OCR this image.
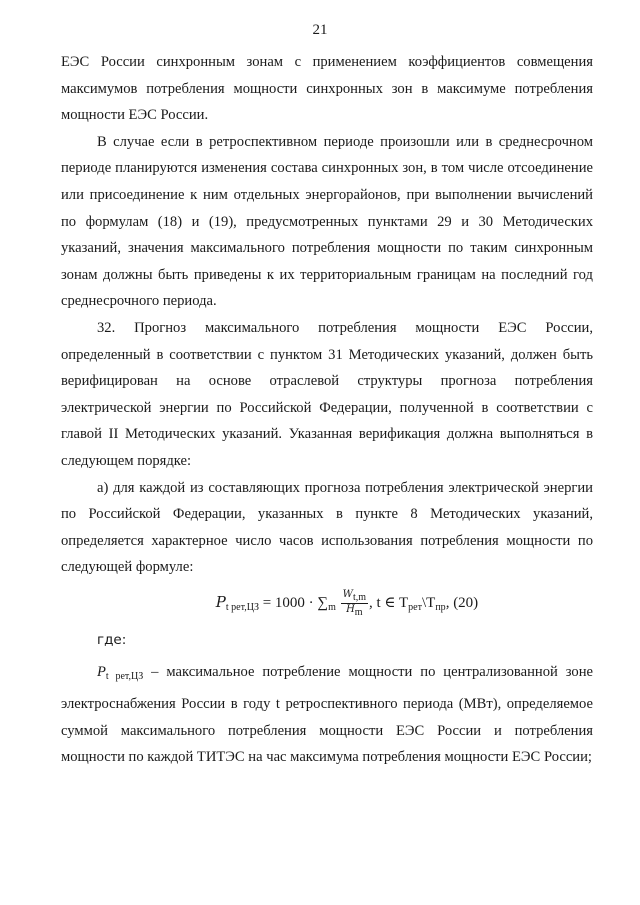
21

ЕЭС России синхронным зонам с применением коэффициентов совмещения

максимумов потребления мощности синхронных зон в максимуме потребления мощности ЕЭС России.

В случае если в ретроспективном периоде произошли или в среднесрочном периоде планируются изменения состава синхронных зон, в том числе отсоединение или присоединение к ним отдельных энергорайонов, при выполнении вычислений по формулам (18) и (19), предусмотренных пунктами 29 и 30 Методических указаний, значения максимального потребления мощности по таким синхронным зонам должны быть приведены к их территориальным границам на последний год среднесрочного периода.

32. Прогноз максимального потребления мощности ЕЭС России, определенный в соответствии с пунктом 31 Методических указаний, должен быть верифицирован на основе отраслевой структуры прогноза потребления электрической энергии по Российской Федерации, полученной в соответствии с главой II Методических указаний. Указанная верификация должна выполняться в следующем порядке:

а) для каждой из составляющих прогноза потребления электрической энергии по Российской Федерации, указанных в пункте 8 Методических указаний, определяется характерное число часов использования потребления мощности по следующей формуле:

$P_{t рет,ЦЗ} = 1000 \cdot \sum_m \frac{Wt,m}{Hm}$ , t ∈ $T_{рет}\backslash T_{пр}$, (20)

где:

$P_{t рет,ЦЗ}$ – максимальное потребление мощности по централизованной зоне электроснабжения России в году t ретроспективного периода (МВт), определяемое суммой максимального потребления мощности ЕЭС России и потребления мощности по каждой ТИТЭС на час максимума потребления мощности ЕЭС России;
